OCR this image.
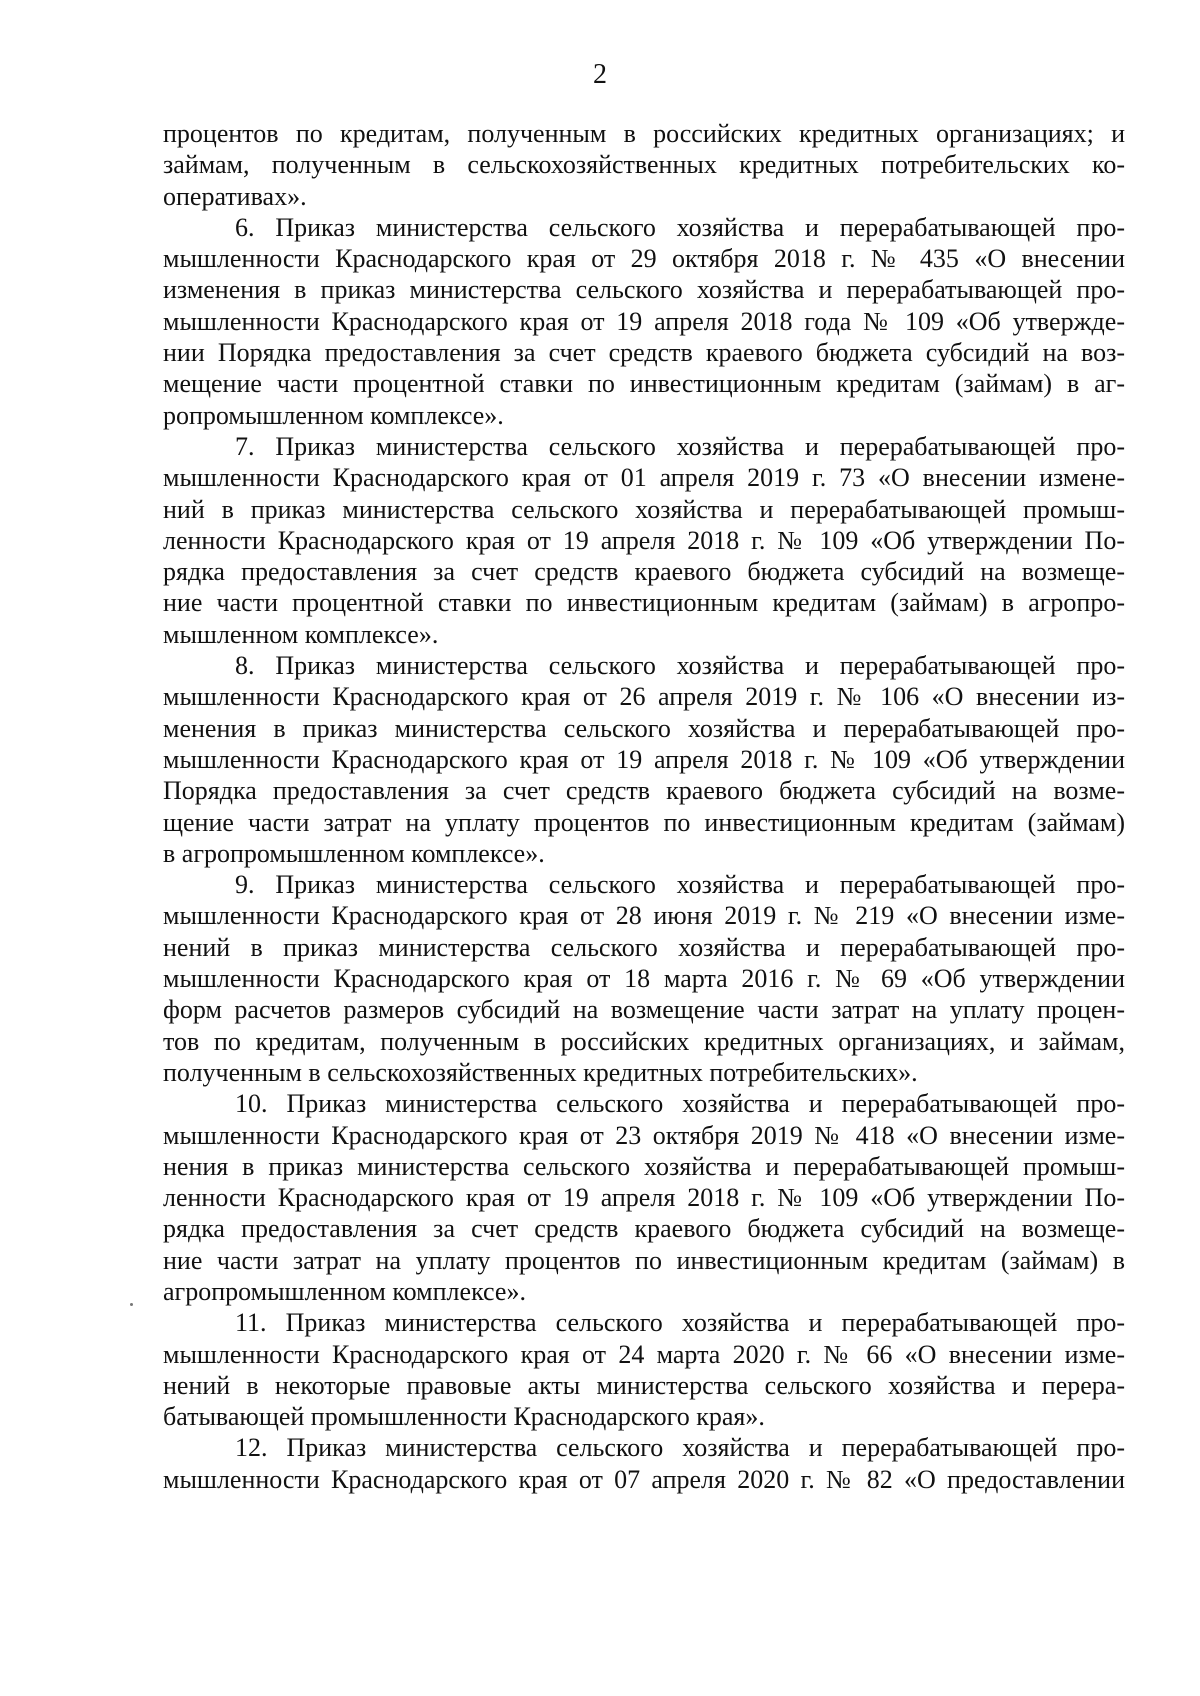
2
процентов по кредитам, полученным в российских кредитных организациях; и
займам, полученным в сельскохозяйственных кредитных потребительских ко-
оперативах».
6. Приказ министерства сельского хозяйства и перерабатывающей про-
мышленности Краснодарского края от 29 октября 2018 г. № 435 «О внесении
изменения в приказ министерства сельского хозяйства и перерабатывающей про-
мышленности Краснодарского края от 19 апреля 2018 года № 109 «Об утвержде-
нии Порядка предоставления за счет средств краевого бюджета субсидий на воз-
мещение части процентной ставки по инвестиционным кредитам (займам) в аг-
ропромышленном комплексе».
7. Приказ министерства сельского хозяйства и перерабатывающей про-
мышленности Краснодарского края от 01 апреля 2019 г. 73 «О внесении измене-
ний в приказ министерства сельского хозяйства и перерабатывающей промыш-
ленности Краснодарского края от 19 апреля 2018 г. № 109 «Об утверждении По-
рядка предоставления за счет средств краевого бюджета субсидий на возмеще-
ние части процентной ставки по инвестиционным кредитам (займам) в агропро-
мышленном комплексе».
8. Приказ министерства сельского хозяйства и перерабатывающей про-
мышленности Краснодарского края от 26 апреля 2019 г. № 106 «О внесении из-
менения в приказ министерства сельского хозяйства и перерабатывающей про-
мышленности Краснодарского края от 19 апреля 2018 г. № 109 «Об утверждении
Порядка предоставления за счет средств краевого бюджета субсидий на возме-
щение части затрат на уплату процентов по инвестиционным кредитам (займам)
в агропромышленном комплексе».
9. Приказ министерства сельского хозяйства и перерабатывающей про-
мышленности Краснодарского края от 28 июня 2019 г. № 219 «О внесении изме-
нений в приказ министерства сельского хозяйства и перерабатывающей про-
мышленности Краснодарского края от 18 марта 2016 г. № 69 «Об утверждении
форм расчетов размеров субсидий на возмещение части затрат на уплату процен-
тов по кредитам, полученным в российских кредитных организациях, и займам,
полученным в сельскохозяйственных кредитных потребительских».
10. Приказ министерства сельского хозяйства и перерабатывающей про-
мышленности Краснодарского края от 23 октября 2019 № 418 «О внесении изме-
нения в приказ министерства сельского хозяйства и перерабатывающей промыш-
ленности Краснодарского края от 19 апреля 2018 г. № 109 «Об утверждении По-
рядка предоставления за счет средств краевого бюджета субсидий на возмеще-
ние части затрат на уплату процентов по инвестиционным кредитам (займам) в
агропромышленном комплексе».
11. Приказ министерства сельского хозяйства и перерабатывающей про-
мышленности Краснодарского края от 24 марта 2020 г. № 66 «О внесении изме-
нений в некоторые правовые акты министерства сельского хозяйства и перера-
батывающей промышленности Краснодарского края».
12. Приказ министерства сельского хозяйства и перерабатывающей про-
мышленности Краснодарского края от 07 апреля 2020 г. № 82 «О предоставлении
